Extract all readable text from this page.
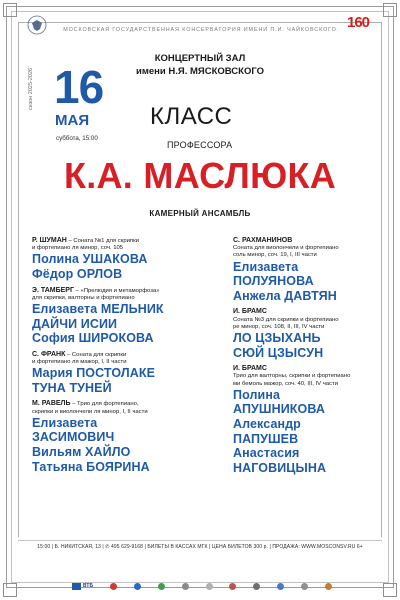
160
МОСКОВСКАЯ ГОСУДАРСТВЕННАЯ КОНСЕРВАТОРИЯ ИМЕНИ П.И. ЧАЙКОВСКОГО
КОНЦЕРТНЫЙ ЗАЛ
имени Н.Я. МЯСКОВСКОГО
сезон 2025-2026 16
МАЯ
суббота, 15:00
КЛАСС
ПРОФЕССОРА
К.А. МАСЛЮКА
КАМЕРНЫЙ АНСАМБЛЬ
Р. ШУМАН – Соната №1 для скрипки
и фортепиано ля минор, соч. 105
Полина УШАКОВА
Фёдор ОРЛОВ
Э. ТАМБЕРГ – «Прелюдия и метаморфоза»
для скрипки, валторны и фортепиано
Елизавета МЕЛЬНИК
ДАЙЧИ ИСИИ
София ШИРОКОВА
С. ФРАНК – Соната для скрипки
и фортепиано ля мажор, I, II части
Мария ПОСТОЛАКЕ
ТУНА ТУНЕЙ
М. РАВЕЛЬ – Трио для фортепиано,
скрипки и виолончели ля минор, I, II части
Елизавета
ЗАСИМОВИЧ
Вильям ХАЙЛО
Татьяна БОЯРИНА
С. РАХМАНИНОВ
Соната для виолончели и фортепиано
соль минор, соч. 19, I, III части
Елизавета
ПОЛУЯНОВА
Анжела ДАВТЯН
И. БРАМС
Соната №3 для скрипки и фортепиано
ре минор, соч. 108, II, III, IV части
ЛО ЦЗЫХАНЬ
СЮЙ ЦЗЫСУН
И. БРАМС
Трио для валторны, скрипки и фортепиано
ми бемоль мажор, соч. 40, III, IV части
Полина
АПУШНИКОВА
Александр
ПАПУШЕВ
Анастасия
НАГОВИЦЫНА
15:00 | Б. НИКИТСКАЯ, 13 | ✆ 495 629-9168 | БИЛЕТЫ В КАССАХ МГК | ЦЕНА БИЛЕТОВ 300 р. | ПРОДАЖА: WWW.MOSCONSV.RU 6+
ВТБ
